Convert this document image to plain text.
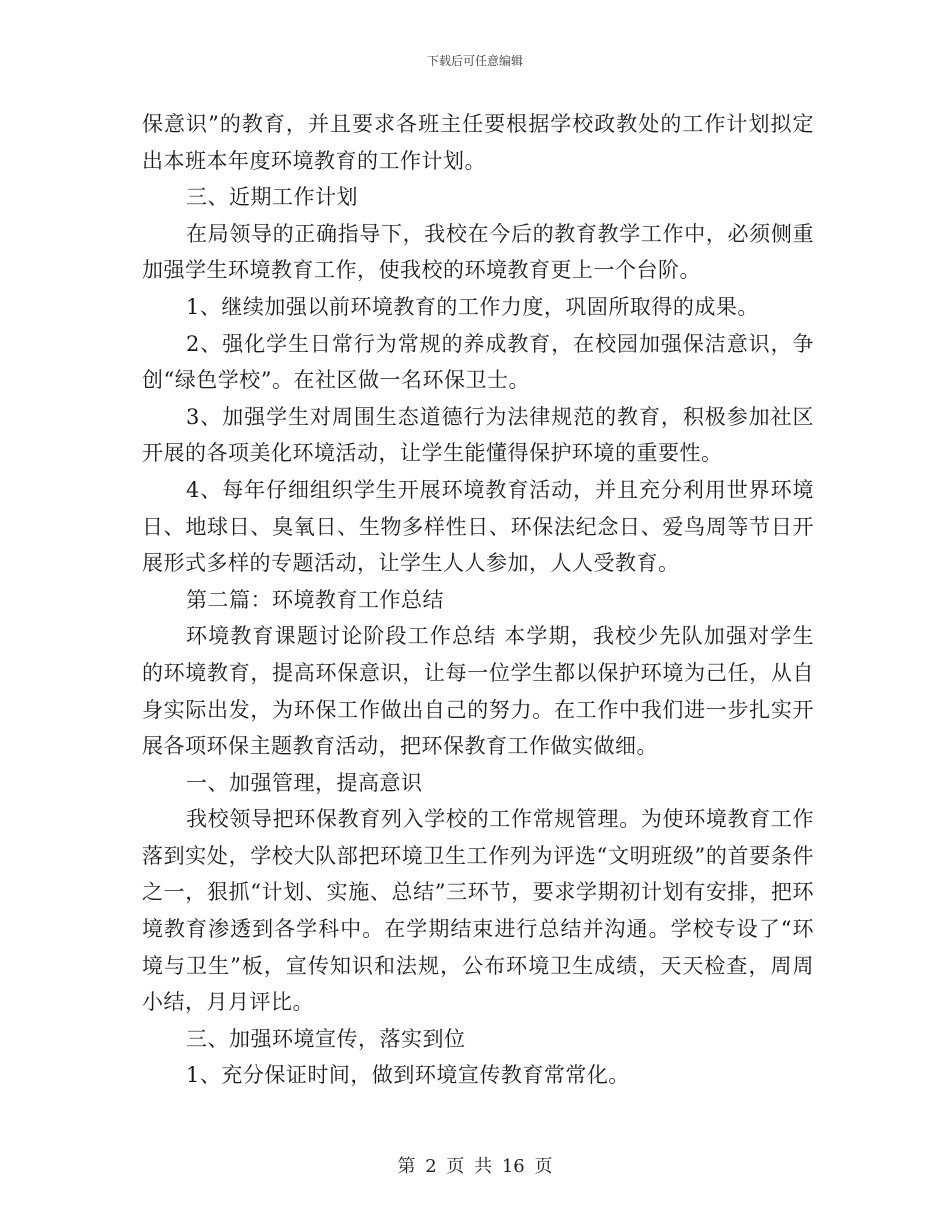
下载后可任意编辑

保意识”的教育，并且要求各班主任要根据学校政教处的工作计划拟定出本班本年度环境教育的工作计划。

三、近期工作计划

在局领导的正确指导下，我校在今后的教育教学工作中，必须侧重加强学生环境教育工作，使我校的环境教育更上一个台阶。

1、继续加强以前环境教育的工作力度，巩固所取得的成果。

2、强化学生日常行为常规的养成教育，在校园加强保洁意识，争创“绿色学校”。在社区做一名环保卫士。

3、加强学生对周围生态道德行为法律规范的教育，积极参加社区开展的各项美化环境活动，让学生能懂得保护环境的重要性。

4、每年仔细组织学生开展环境教育活动，并且充分利用世界环境日、地球日、臭氧日、生物多样性日、环保法纪念日、爱鸟周等节日开展形式多样的专题活动，让学生人人参加，人人受教育。

第二篇：环境教育工作总结

环境教育课题讨论阶段工作总结 本学期，我校少先队加强对学生的环境教育，提高环保意识，让每一位学生都以保护环境为己任，从自身实际出发，为环保工作做出自己的努力。在工作中我们进一步扎实开展各项环保主题教育活动，把环保教育工作做实做细。

一、加强管理，提高意识

我校领导把环保教育列入学校的工作常规管理。为使环境教育工作落到实处，学校大队部把环境卫生工作列为评选“文明班级”的首要条件之一，狠抓“计划、实施、总结”三环节，要求学期初计划有安排，把环境教育渗透到各学科中。在学期结束进行总结并沟通。学校专设了“环境与卫生”板，宣传知识和法规，公布环境卫生成绩，天天检查，周周小结，月月评比。

三、加强环境宣传，落实到位

1、充分保证时间，做到环境宣传教育常常化。

第 2 页 共 16 页
